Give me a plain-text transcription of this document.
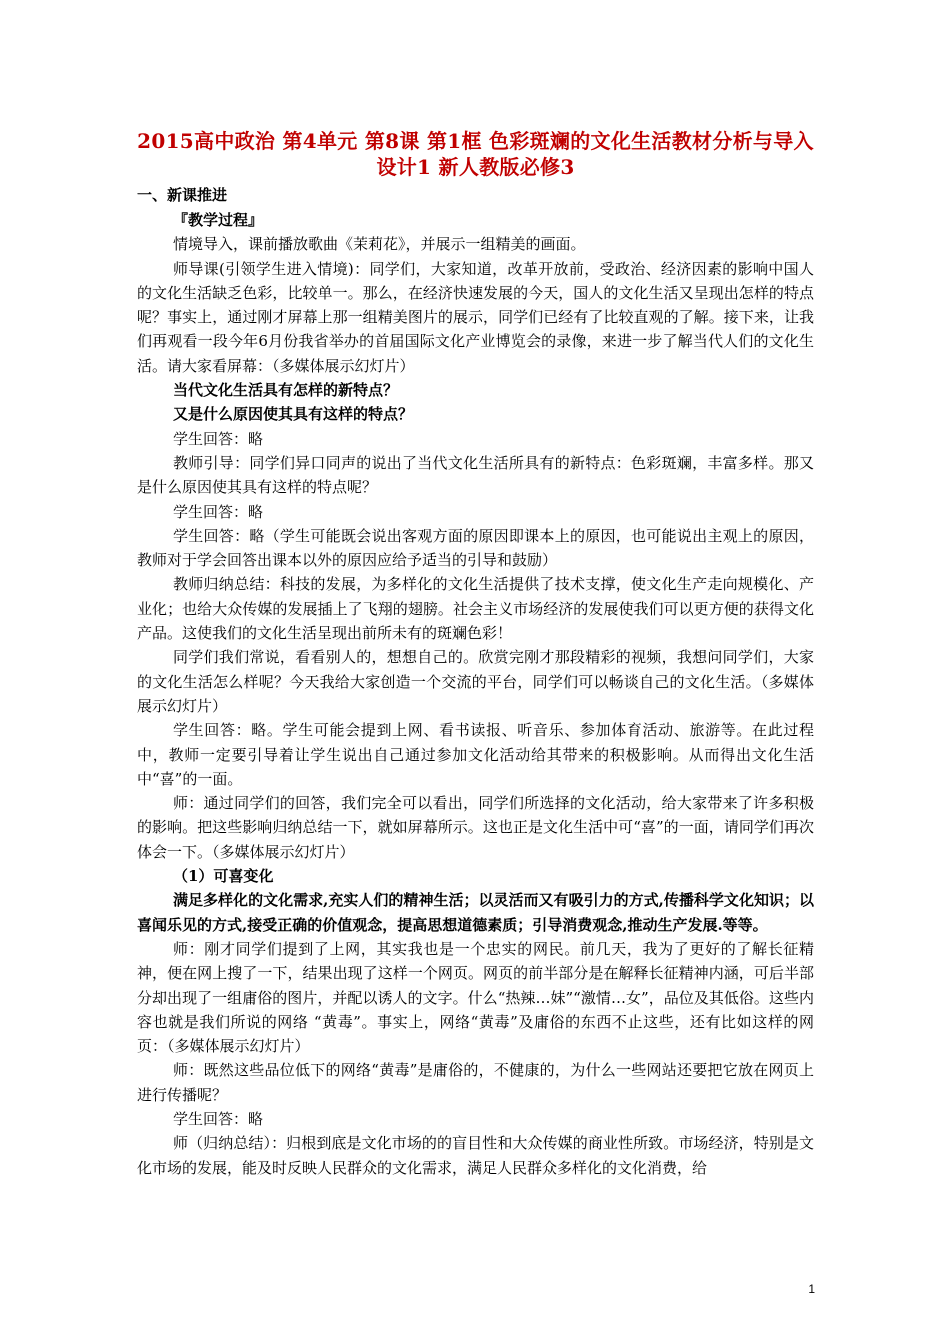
2015高中政治 第4单元 第8课 第1框 色彩斑斓的文化生活教材分析与导入设计1 新人教版必修3
一、新课推进

『教学过程』

情境导入，课前播放歌曲《茉莉花》，并展示一组精美的画面。

师导课(引领学生进入情境)：同学们，大家知道，改革开放前，受政治、经济因素的影响中国人的文化生活缺乏色彩，比较单一。那么，在经济快速发展的今天，国人的文化生活又呈现出怎样的特点呢？事实上，通过刚才屏幕上那一组精美图片的展示，同学们已经有了比较直观的了解。接下来，让我们再观看一段今年6月份我省举办的首届国际文化产业博览会的录像，来进一步了解当代人们的文化生活。请大家看屏幕：（多媒体展示幻灯片）

当代文化生活具有怎样的新特点？

又是什么原因使其具有这样的特点？

学生回答：略

教师引导：同学们异口同声的说出了当代文化生活所具有的新特点：色彩斑斓，丰富多样。那又是什么原因使其具有这样的特点呢？

学生回答：略

学生回答：略（学生可能既会说出客观方面的原因即课本上的原因，也可能说出主观上的原因，教师对于学会回答出课本以外的原因应给予适当的引导和鼓励）

教师归纳总结：科技的发展，为多样化的文化生活提供了技术支撑，使文化生产走向规模化、产业化；也给大众传媒的发展插上了飞翔的翅膀。社会主义市场经济的发展使我们可以更方便的获得文化产品。这使我们的文化生活呈现出前所未有的斑斓色彩！

同学们我们常说，看看别人的，想想自己的。欣赏完刚才那段精彩的视频，我想问同学们，大家的文化生活怎么样呢？今天我给大家创造一个交流的平台，同学们可以畅谈自己的文化生活。（多媒体展示幻灯片）

学生回答：略。学生可能会提到上网、看书读报、听音乐、参加体育活动、旅游等。在此过程中，教师一定要引导着让学生说出自己通过参加文化活动给其带来的积极影响。从而得出文化生活中“喜”的一面。

师：通过同学们的回答，我们完全可以看出，同学们所选择的文化活动，给大家带来了许多积极的影响。把这些影响归纳总结一下，就如屏幕所示。这也正是文化生活中可“喜”的一面，请同学们再次体会一下。（多媒体展示幻灯片）

（1）可喜变化

满足多样化的文化需求,充实人们的精神生活；以灵活而又有吸引力的方式,传播科学文化知识；以喜闻乐见的方式,接受正确的价值观念，提高思想道德素质；引导消费观念,推动生产发展.等等。

师：刚才同学们提到了上网，其实我也是一个忠实的网民。前几天，我为了更好的了解长征精神，便在网上搜了一下，结果出现了这样一个网页。网页的前半部分是在解释长征精神内涵，可后半部分却出现了一组庸俗的图片，并配以诱人的文字。什么“热辣…妹”“激情…女”，品位及其低俗。这些内容也就是我们所说的网络 “黄毒”。事实上，网络“黄毒”及庸俗的东西不止这些，还有比如这样的网页：（多媒体展示幻灯片）

师：既然这些品位低下的网络“黄毒”是庸俗的，不健康的，为什么一些网站还要把它放在网页上进行传播呢？

学生回答：略

师（归纳总结）：归根到底是文化市场的的盲目性和大众传媒的商业性所致。市场经济，特别是文化市场的发展，能及时反映人民群众的文化需求，满足人民群众多样化的文化消费，给

1
